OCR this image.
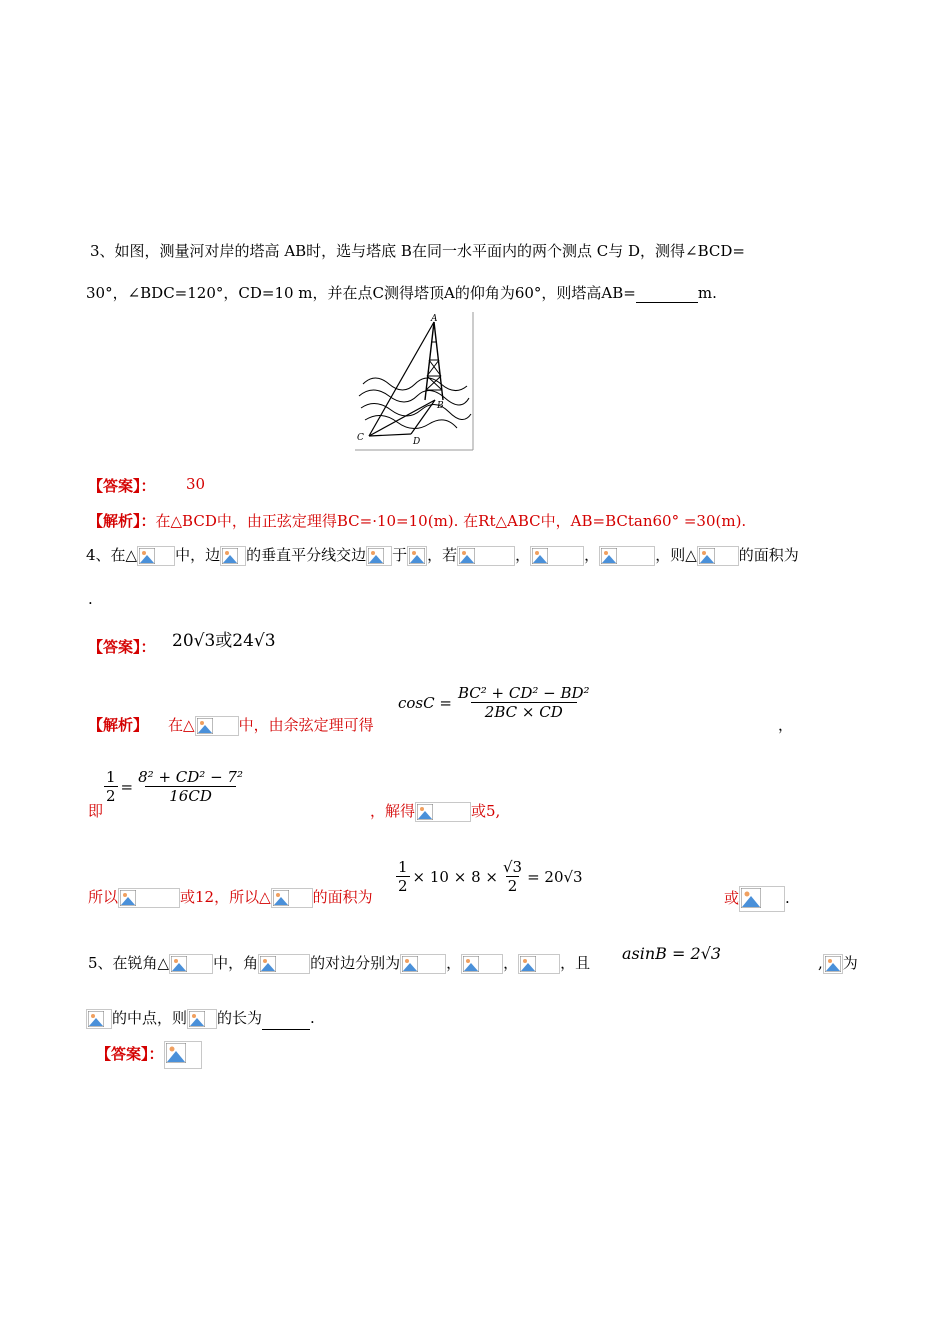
3、如图，测量河对岸的塔高 AB时，选与塔底 B在同一水平面内的两个测点 C与 D，测得∠BCD=
30°，∠BDC=120°，CD=10 m，并在点C测得塔顶A的仰角为60°，则塔高AB=	m.
A
B
C	D
【答案】： 30
【解析】：在△BCD中，由正弦定理得BC=·10=10(m). 在Rt△ABC中，AB=BCtan60° =30(m).
4、在△	中，边 的垂直平分线交边 于 ，若	，	，	，则△	的面积为
.
【答案】： 20√3或24√3
$\cos C = \frac{\text{BC² + CD² − BD²}}{2BC \times CD}$
【解析】 在△	中，由余弦定理可得	，
$\frac{1}{2} = \frac{\text{8² + CD² − 7²}}{16CD}$
即	，解得	或5,
$\frac{1}{2} \times 10 \times 8 \times \frac{√3}{2} = 20√3$
所以	或12，所以△	的面积为	或	.
5、在锐角△	中，角	的对边分别为	，	，	，且 asinB = 2√3	, 为
的中点，则 的长为	.
【答案】：
